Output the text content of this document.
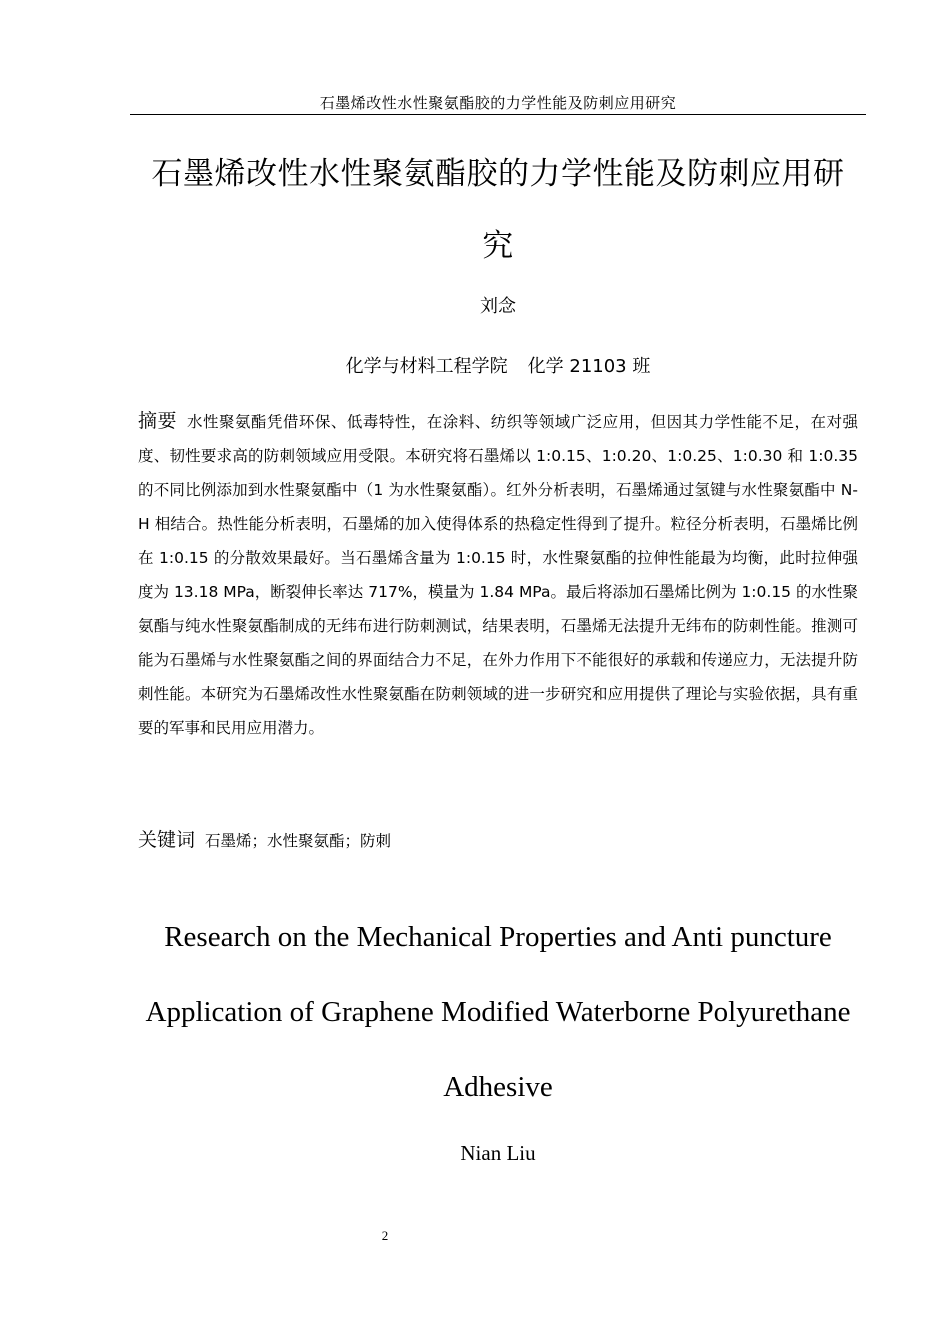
石墨烯改性水性聚氨酯胶的力学性能及防刺应用研究
石墨烯改性水性聚氨酯胶的力学性能及防刺应用研究
刘念
化学与材料工程学院 化学 21103 班
摘要 水性聚氨酯凭借环保、低毒特性，在涂料、纺织等领域广泛应用，但因其力学性能不足，在对强度、韧性要求高的防刺领域应用受限。本研究将石墨烯以 1:0.15、1:0.20、1:0.25、1:0.30 和 1:0.35 的不同比例添加到水性聚氨酯中（1 为水性聚氨酯）。红外分析表明，石墨烯通过氢键与水性聚氨酯中 N-H 相结合。热性能分析表明，石墨烯的加入使得体系的热稳定性得到了提升。粒径分析表明，石墨烯比例在 1:0.15 的分散效果最好。当石墨烯含量为 1:0.15 时，水性聚氨酯的拉伸性能最为均衡，此时拉伸强度为 13.18 MPa，断裂伸长率达 717%，模量为 1.84 MPa。最后将添加石墨烯比例为 1:0.15 的水性聚氨酯与纯水性聚氨酯制成的无纬布进行防刺测试，结果表明，石墨烯无法提升无纬布的防刺性能。推测可能为石墨烯与水性聚氨酯之间的界面结合力不足，在外力作用下不能很好的承载和传递应力，无法提升防刺性能。本研究为石墨烯改性水性聚氨酯在防刺领域的进一步研究和应用提供了理论与实验依据，具有重要的军事和民用应用潜力。
关键词 石墨烯；水性聚氨酯；防刺
Research on the Mechanical Properties and Anti puncture Application of Graphene Modified Waterborne Polyurethane Adhesive
Nian Liu
2
